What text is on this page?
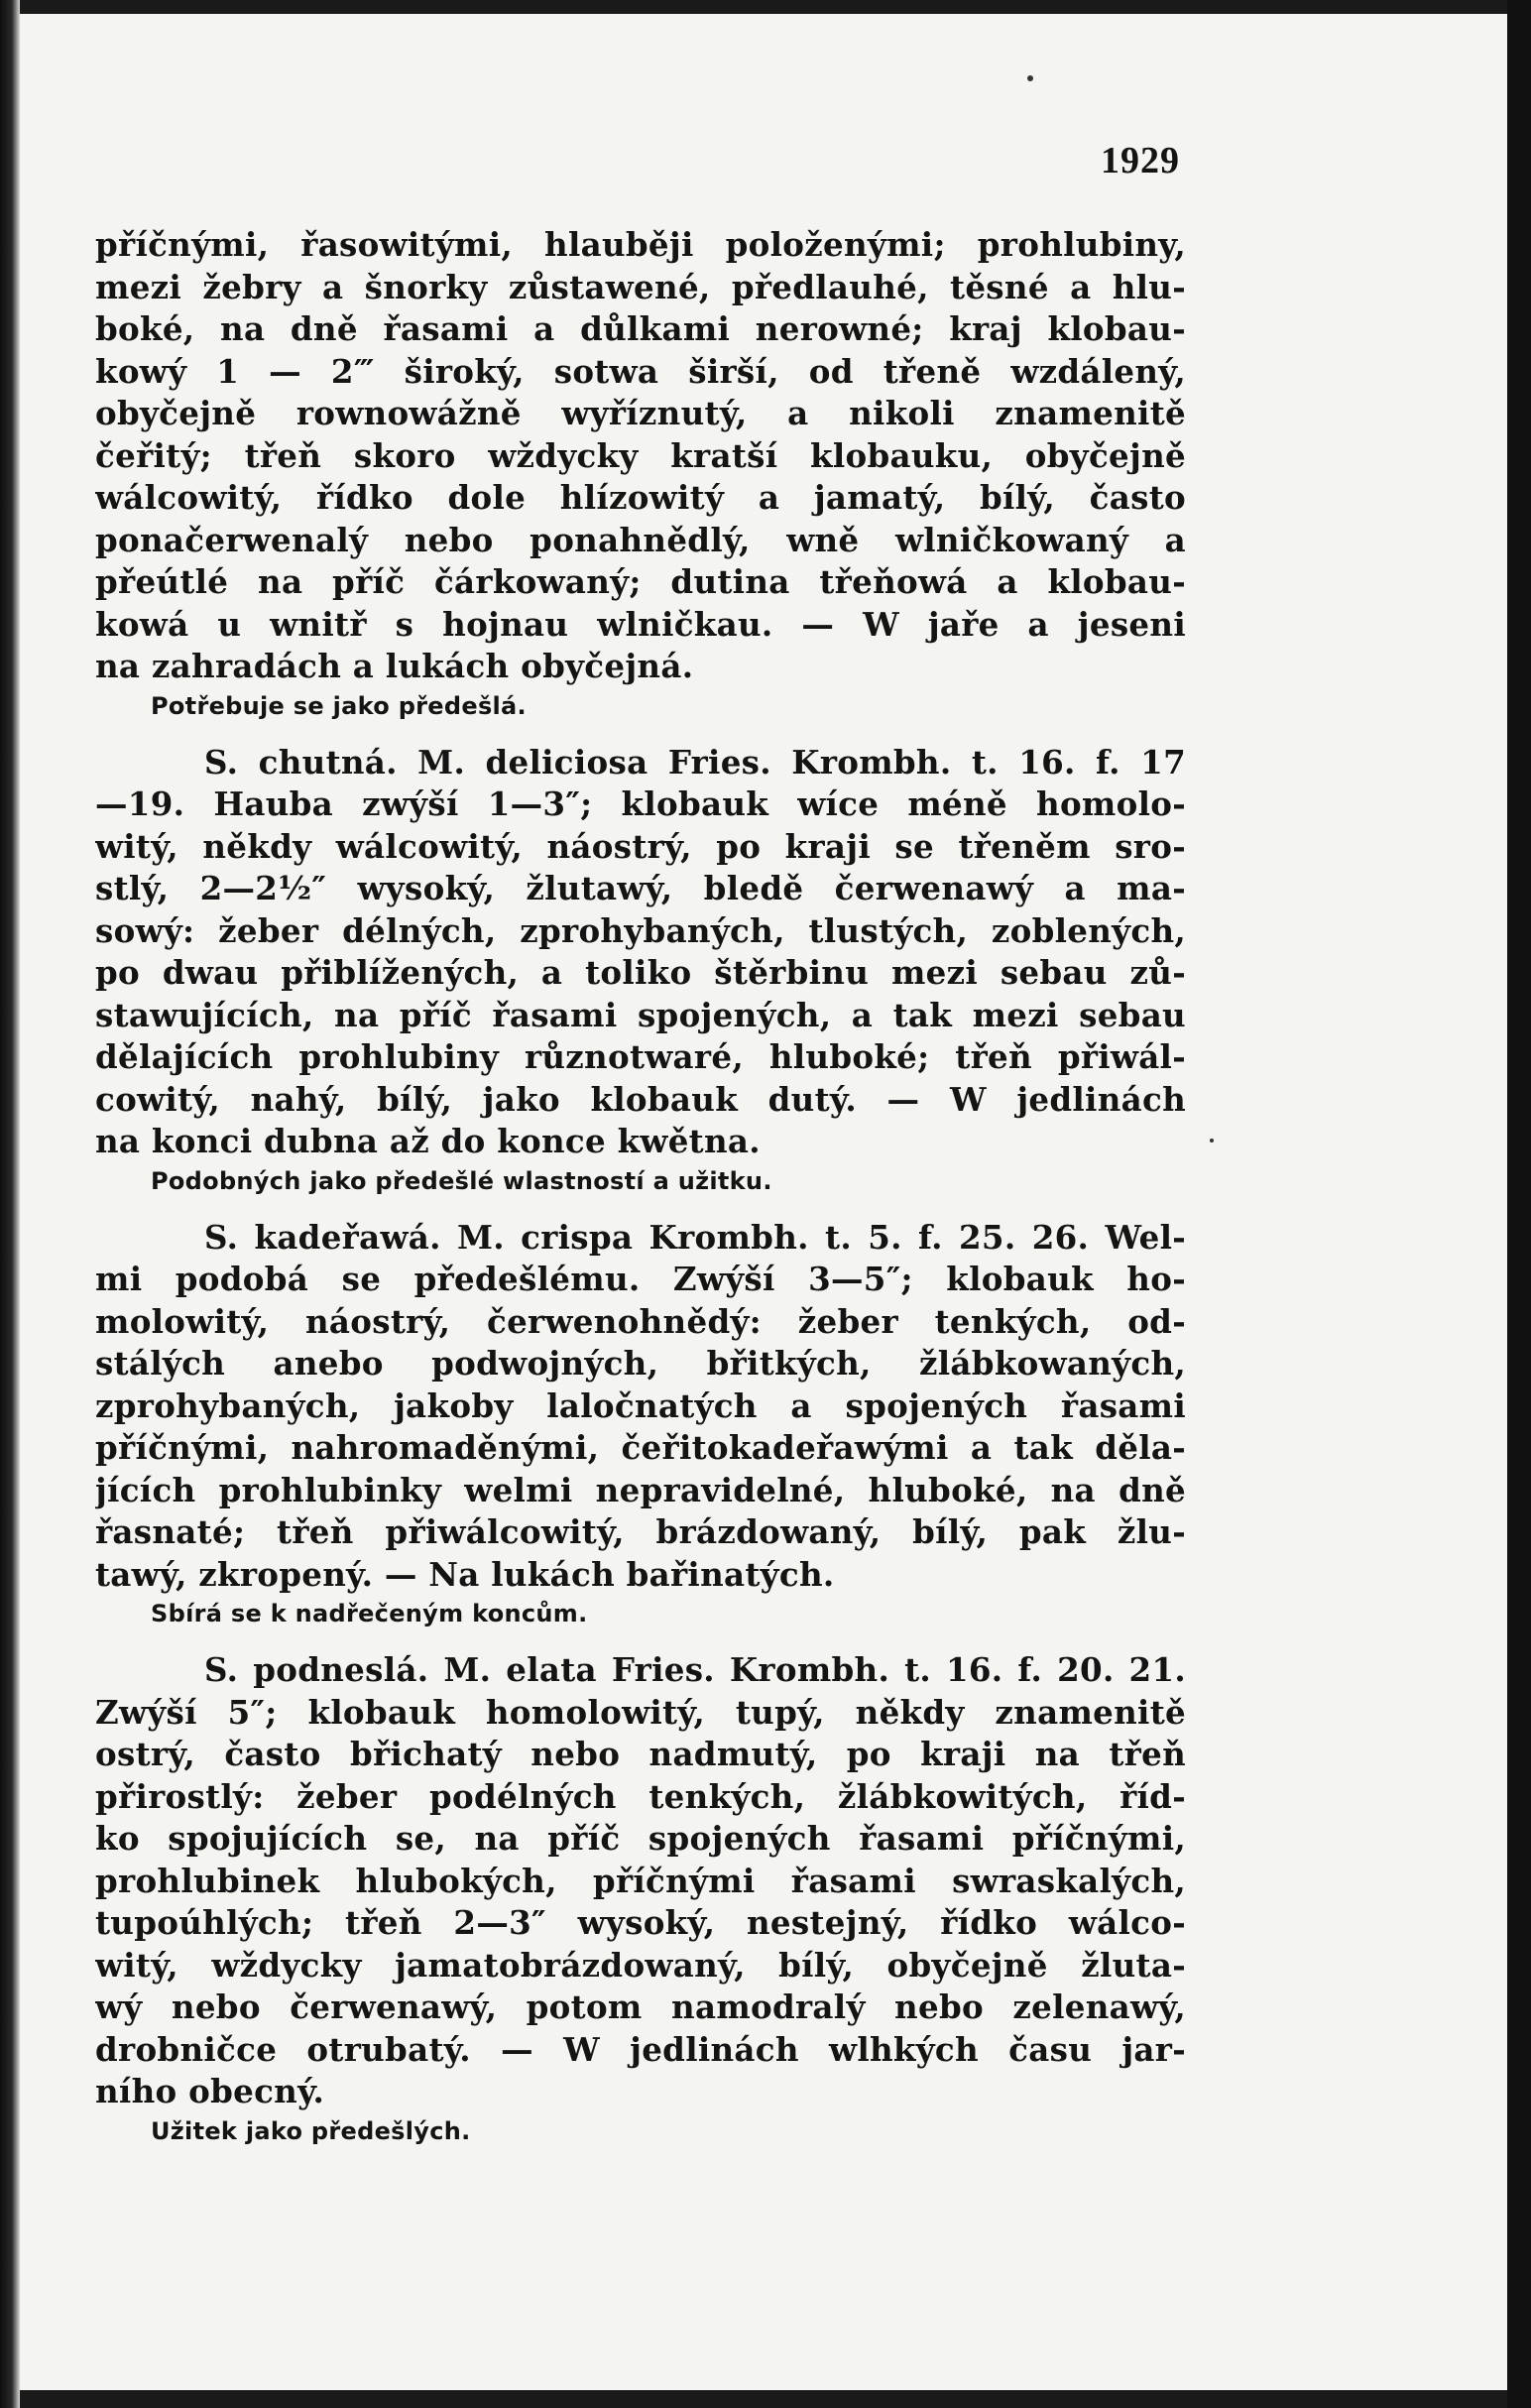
1929
příčnými, řasowitými, hlauběji položenými; prohlubiny,
mezi žebry a šnorky zůstawené, předlauhé, těsné a hlu-
boké, na dně řasami a důlkami nerowné; kraj klobau-
kowý 1 — 2‴ široký, sotwa širší, od třeně wzdálený,
obyčejně rownowážně wyříznutý, a nikoli znamenitě
čeřitý; třeň skoro wždycky kratší klobauku, obyčejně
wálcowitý, řídko dole hlízowitý a jamatý, bílý, často
ponačerwenalý nebo ponahnědlý, wně wlničkowaný a
přeútlé na příč čárkowaný; dutina třeňowá a klobau-
kowá u wnitř s hojnau wlničkau. — W jaře a jeseni
na zahradách a lukách obyčejná.
Potřebuje se jako předešlá.
S. chutná. M. deliciosa Fries. Krombh. t. 16. f. 17
—19. Hauba zwýší 1—3″; klobauk wíce méně homolo-
witý, někdy wálcowitý, náostrý, po kraji se třeněm sro-
stlý, 2—2½″ wysoký, žlutawý, bledě čerwenawý a ma-
sowý: žeber délných, zprohybaných, tlustých, zoblených,
po dwau přiblížených, a toliko štěrbinu mezi sebau zů-
stawujících, na příč řasami spojených, a tak mezi sebau
dělajících prohlubiny různotwaré, hluboké; třeň přiwál-
cowitý, nahý, bílý, jako klobauk dutý. — W jedlinách
na konci dubna až do konce kwětna.
Podobných jako předešlé wlastností a užitku.
S. kadeřawá. M. crispa Krombh. t. 5. f. 25. 26. Wel-
mi podobá se předešlému. Zwýší 3—5″; klobauk ho-
molowitý, náostrý, čerwenohnědý: žeber tenkých, od-
stálých anebo podwojných, břitkých, žlábkowaných,
zprohybaných, jakoby laločnatých a spojených řasami
příčnými, nahromaděnými, čeřitokadeřawými a tak děla-
jících prohlubinky welmi nepravidelné, hluboké, na dně
řasnaté; třeň přiwálcowitý, brázdowaný, bílý, pak žlu-
tawý, zkropený. — Na lukách bařinatých.
Sbírá se k nadřečeným koncům.
S. podneslá. M. elata Fries. Krombh. t. 16. f. 20. 21.
Zwýší 5″; klobauk homolowitý, tupý, někdy znamenitě
ostrý, často břichatý nebo nadmutý, po kraji na třeň
přirostlý: žeber podélných tenkých, žlábkowitých, říd-
ko spojujících se, na příč spojených řasami příčnými,
prohlubinek hlubokých, příčnými řasami swraskalých,
tupoúhlých; třeň 2—3″ wysoký, nestejný, řídko wálco-
witý, wždycky jamatobrázdowaný, bílý, obyčejně žluta-
wý nebo čerwenawý, potom namodralý nebo zelenawý,
drobničce otrubatý. — W jedlinách wlhkých času jar-
ního obecný.
Užitek jako předešlých.
